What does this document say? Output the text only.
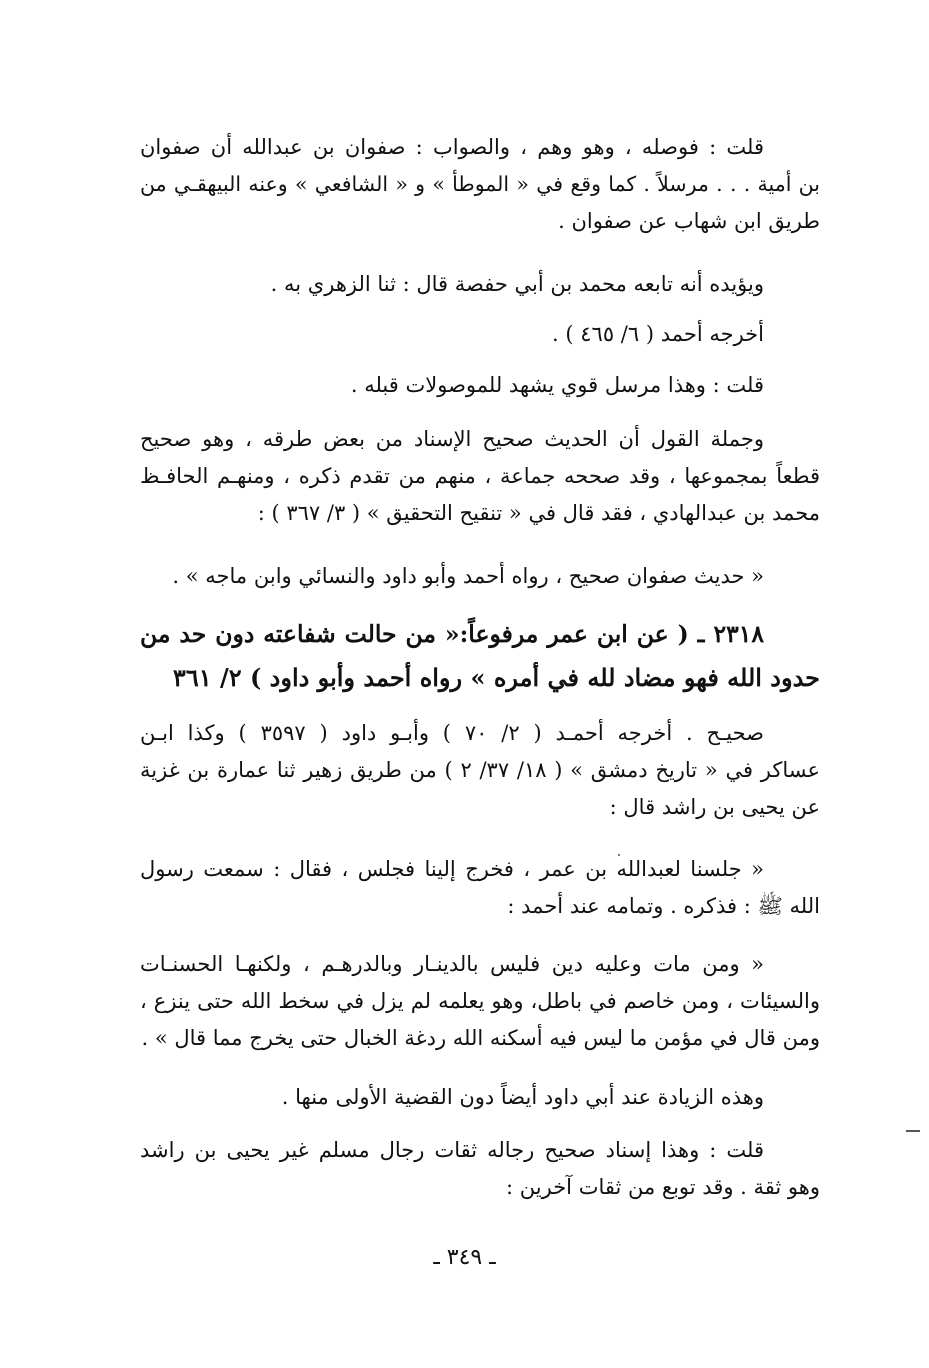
قلت : فوصله ، وهو وهم ، والصواب : صفوان بن عبدالله أن صفوان
بن أمية . . . مرسلاً . كما وقع في « الموطأ » و « الشافعي » وعنه البيهقـي من
طريق ابن شهاب عن صفوان .
ويؤيده أنه تابعه محمد بن أبي حفصة قال : ثنا الزهري به .
أخرجه أحمد ( ٦/ ٤٦٥ ) .
قلت : وهذا مرسل قوي يشهد للموصولات قبله .
وجملة القول أن الحديث صحيح الإسناد من بعض طرقه ، وهو صحيح
قطعاً بمجموعها ، وقد صححه جماعة ، منهم من تقدم ذكره ، ومنهـم الحافـظ
محمد بن عبدالهادي ، فقد قال في « تنقيح التحقيق » ( ٣/ ٣٦٧ ) :
« حديث صفوان صحيح ، رواه أحمد وأبو داود والنسائي وابن ماجه » .
٢٣١٨ ـ ( عن ابن عمر مرفوعاً:« من حالت شفاعته دون حد من
حدود الله فهو مضاد لله في أمره » رواه أحمد وأبو داود ) ٢/ ٣٦١
صحيـح . أخرجه أحمـد ( ٢/ ٧٠ ) وأبـو داود ( ٣٥٩٧ ) وكذا ابـن
عساكر في « تاريخ دمشق » ( ١٨/ ٣٧/ ٢ ) من طريق زهير ثنا عمارة بن غزية
عن يحيى بن راشد قال :
« جلسنا لعبدالله بن عمر ، فخرج إلينا فجلس ، فقال : سمعت رسول
الله ﷺ : فذكره . وتمامه عند أحمد :
« ومن مات وعليه دين فليس بالدينـار وبالدرهـم ، ولكنهـا الحسنـات
والسيئات ، ومن خاصم في باطل، وهو يعلمه لم يزل في سخط الله حتى ينزع ،
ومن قال في مؤمن ما ليس فيه أسكنه الله ردغة الخبال حتى يخرج مما قال » .
وهذه الزيادة عند أبي داود أيضاً دون القضية الأولى منها .
قلت : وهذا إسناد صحيح رجاله ثقات رجال مسلم غير يحيى بن راشد
وهو ثقة . وقد توبع من ثقات آخرين :
ـ ٣٤٩ ـ
